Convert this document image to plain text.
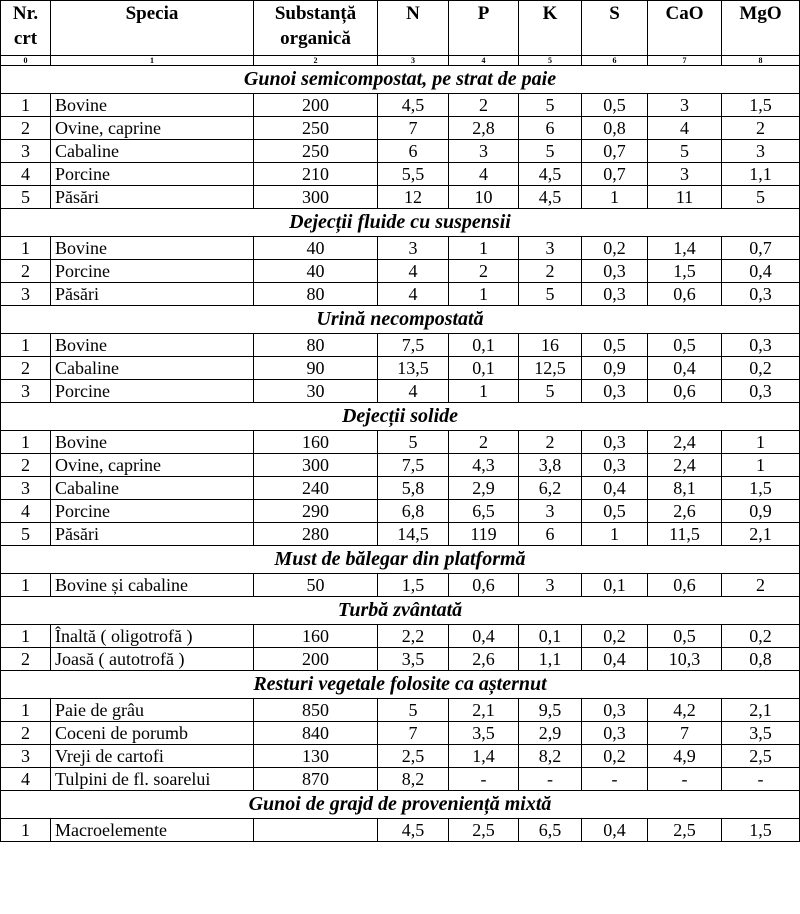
Nr. crt	Specia	Substanță organică	N	P	K	S	CaO	MgO
0	1	2	3	4	5	6	7	8
Gunoi semicompostat, pe strat de paie								
1	Bovine	200	4,5	2	5	0,5	3	1,5
2	Ovine, caprine	250	7	2,8	6	0,8	4	2
3	Cabaline	250	6	3	5	0,7	5	3
4	Porcine	210	5,5	4	4,5	0,7	3	1,1
5	Păsări	300	12	10	4,5	1	11	5
Dejecții fluide cu suspensii								
1	Bovine	40	3	1	3	0,2	1,4	0,7
2	Porcine	40	4	2	2	0,3	1,5	0,4
3	Păsări	80	4	1	5	0,3	0,6	0,3
Urină necompostată								
1	Bovine	80	7,5	0,1	16	0,5	0,5	0,3
2	Cabaline	90	13,5	0,1	12,5	0,9	0,4	0,2
3	Porcine	30	4	1	5	0,3	0,6	0,3
Dejecții solide								
1	Bovine	160	5	2	2	0,3	2,4	1
2	Ovine, caprine	300	7,5	4,3	3,8	0,3	2,4	1
3	Cabaline	240	5,8	2,9	6,2	0,4	8,1	1,5
4	Porcine	290	6,8	6,5	3	0,5	2,6	0,9
5	Păsări	280	14,5	119	6	1	11,5	2,1
Must de bălegar din platformă								
1	Bovine și cabaline	50	1,5	0,6	3	0,1	0,6	2
Turbă zvântată								
1	Înaltă ( oligotrofă )	160	2,2	0,4	0,1	0,2	0,5	0,2
2	Joasă ( autotrofă )	200	3,5	2,6	1,1	0,4	10,3	0,8
Resturi vegetale folosite ca așternut								
1	Paie de grâu	850	5	2,1	9,5	0,3	4,2	2,1
2	Coceni de porumb	840	7	3,5	2,9	0,3	7	3,5
3	Vreji de cartofi	130	2,5	1,4	8,2	0,2	4,9	2,5
4	Tulpini de fl. soarelui	870	8,2	-	-	-	-	-
Gunoi de grajd de proveniență mixtă								
1	Macroelemente		4,5	2,5	6,5	0,4	2,5	1,5
